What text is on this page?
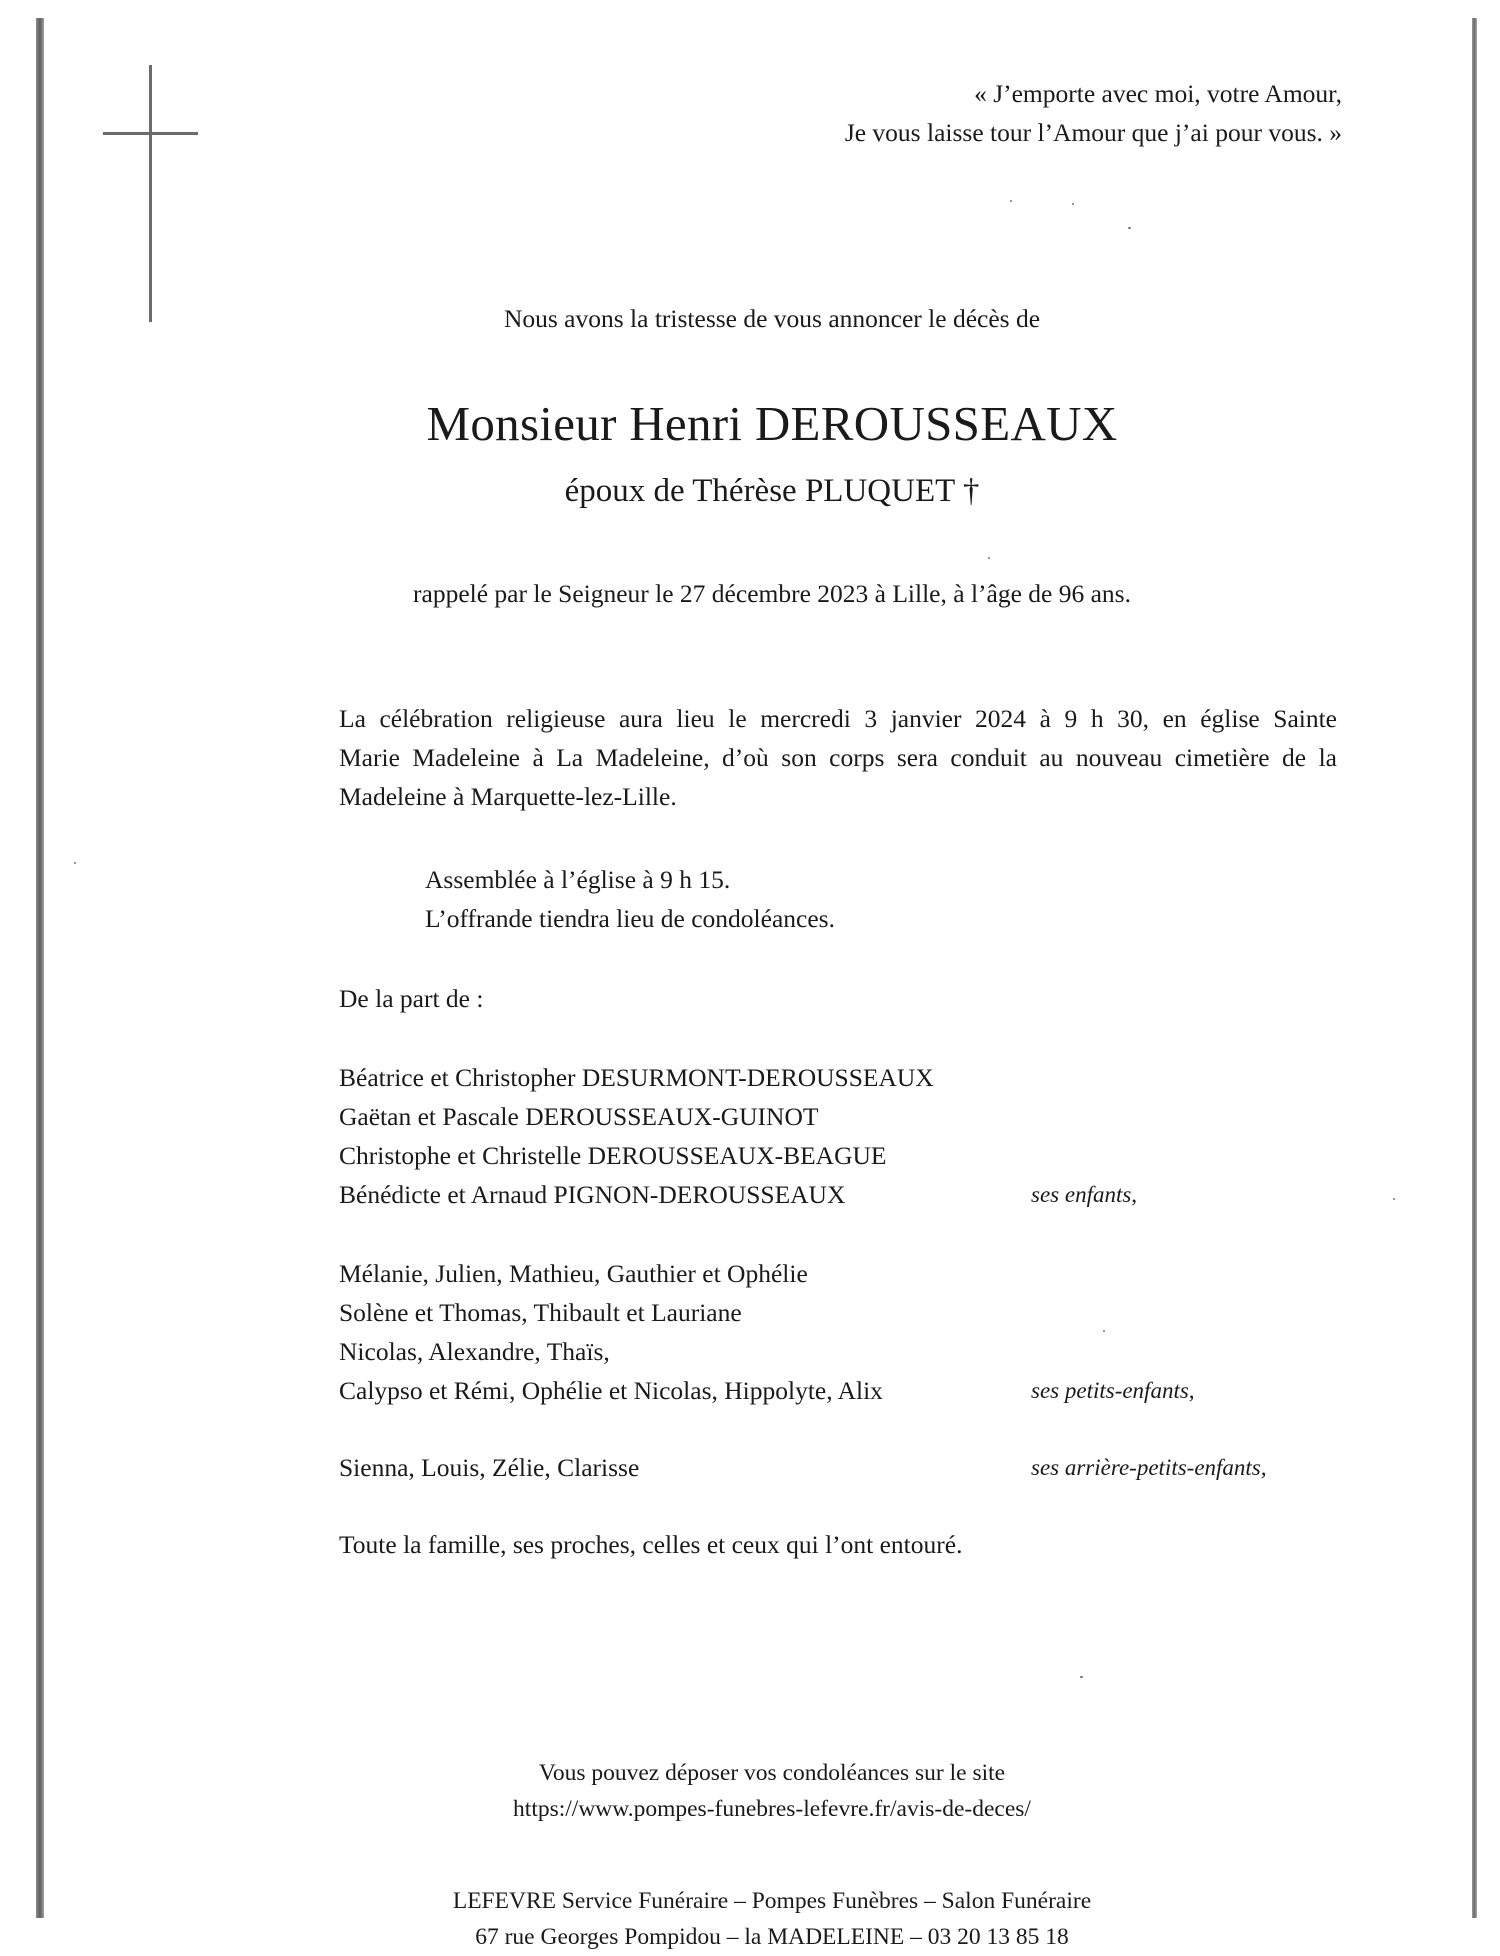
« J’emporte avec moi, votre Amour,
Je vous laisse tour l’Amour que j’ai pour vous. »
Nous avons la tristesse de vous annoncer le décès de
Monsieur Henri DEROUSSEAUX
époux de Thérèse PLUQUET †
rappelé par le Seigneur le 27 décembre 2023 à Lille, à l’âge de 96 ans.
La célébration religieuse aura lieu le mercredi 3 janvier 2024 à 9 h 30, en église Sainte
Marie Madeleine à La Madeleine, d’où son corps sera conduit au nouveau cimetière de la
Madeleine à Marquette-lez-Lille.
Assemblée à l’église à 9 h 15.
L’offrande tiendra lieu de condoléances.
De la part de :
Béatrice et Christopher DESURMONT-DEROUSSEAUX
Gaëtan et Pascale DEROUSSEAUX-GUINOT
Christophe et Christelle DEROUSSEAUX-BEAGUE
Bénédicte et Arnaud PIGNON-DEROUSSEAUX	ses enfants,
Mélanie, Julien, Mathieu, Gauthier et Ophélie
Solène et Thomas, Thibault et Lauriane
Nicolas, Alexandre, Thaïs,
Calypso et Rémi, Ophélie et Nicolas, Hippolyte, Alix	ses petits-enfants,
Sienna, Louis, Zélie, Clarisse	ses arrière-petits-enfants,
Toute la famille, ses proches, celles et ceux qui l’ont entouré.
Vous pouvez déposer vos condoléances sur le site
https://www.pompes-funebres-lefevre.fr/avis-de-deces/
LEFEVRE Service Funéraire – Pompes Funèbres – Salon Funéraire
67 rue Georges Pompidou – la MADELEINE – 03 20 13 85 18
